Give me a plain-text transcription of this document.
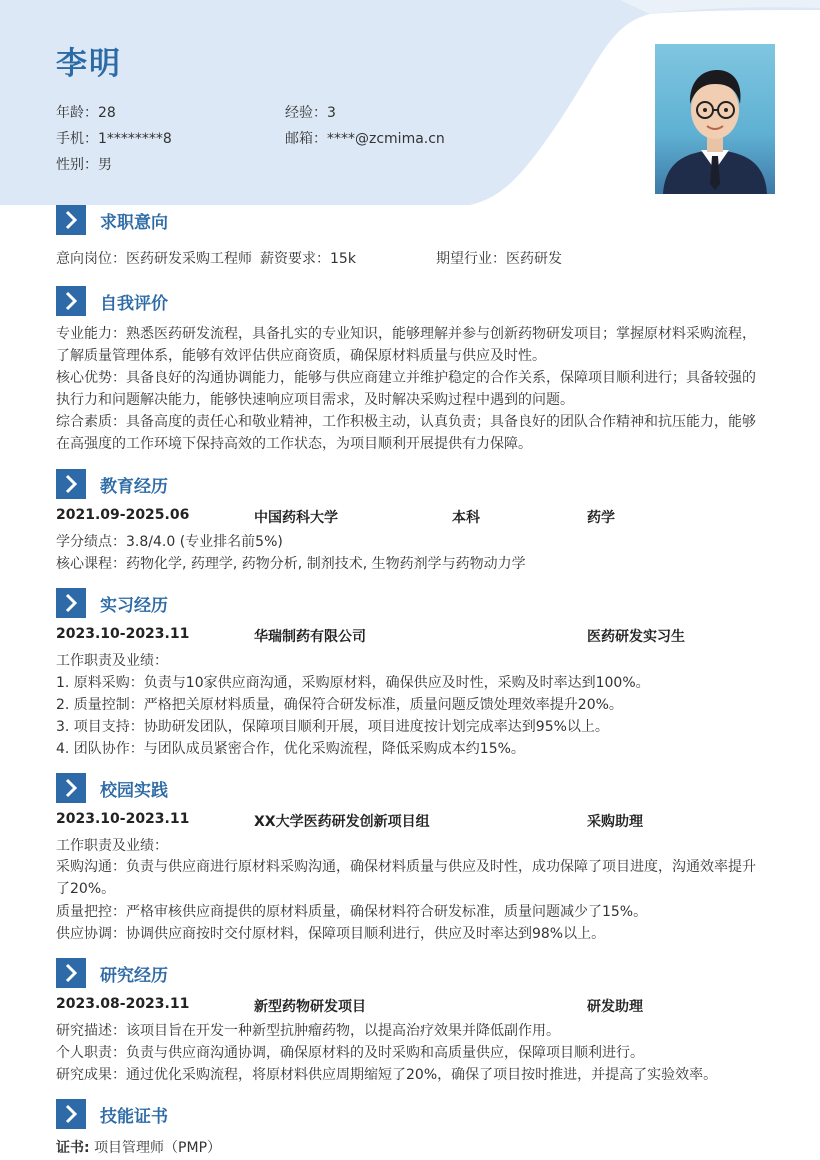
李明
年龄：28	经验：3
手机：1********8	邮箱：****@zcmima.cn
性别：男
求职意向
意向岗位：医药研发采购工程师 薪资要求：15k	期望行业：医药研发
自我评价
专业能力：熟悉医药研发流程，具备扎实的专业知识，能够理解并参与创新药物研发项目；掌握原材料采购流程，了解质量管理体系，能够有效评估供应商资质，确保原材料质量与供应及时性。
核心优势：具备良好的沟通协调能力，能够与供应商建立并维护稳定的合作关系，保障项目顺利进行；具备较强的执行力和问题解决能力，能够快速响应项目需求，及时解决采购过程中遇到的问题。
综合素质：具备高度的责任心和敬业精神，工作积极主动，认真负责；具备良好的团队合作精神和抗压能力，能够在高强度的工作环境下保持高效的工作状态，为项目顺利开展提供有力保障。
教育经历
2021.09-2025.06	中国药科大学	本科	药学
学分绩点：3.8/4.0 (专业排名前5%)
核心课程：药物化学, 药理学, 药物分析, 制剂技术, 生物药剂学与药物动力学
实习经历
2023.10-2023.11	华瑞制药有限公司	医药研发实习生
工作职责及业绩：
1. 原料采购：负责与10家供应商沟通，采购原材料，确保供应及时性，采购及时率达到100%。
2. 质量控制：严格把关原材料质量，确保符合研发标准，质量问题反馈处理效率提升20%。
3. 项目支持：协助研发团队，保障项目顺利开展，项目进度按计划完成率达到95%以上。
4. 团队协作：与团队成员紧密合作，优化采购流程，降低采购成本约15%。
校园实践
2023.10-2023.11	XX大学医药研发创新项目组	采购助理
工作职责及业绩：
采购沟通：负责与供应商进行原材料采购沟通，确保材料质量与供应及时性，成功保障了项目进度，沟通效率提升了20%。
质量把控：严格审核供应商提供的原材料质量，确保材料符合研发标准，质量问题减少了15%。
供应协调：协调供应商按时交付原材料，保障项目顺利进行，供应及时率达到98%以上。
研究经历
2023.08-2023.11	新型药物研发项目	研发助理
研究描述：该项目旨在开发一种新型抗肿瘤药物，以提高治疗效果并降低副作用。
个人职责：负责与供应商沟通协调，确保原材料的及时采购和高质量供应，保障项目顺利进行。
研究成果：通过优化采购流程，将原材料供应周期缩短了20%，确保了项目按时推进，并提高了实验效率。
技能证书
证书: 项目管理师（PMP）
